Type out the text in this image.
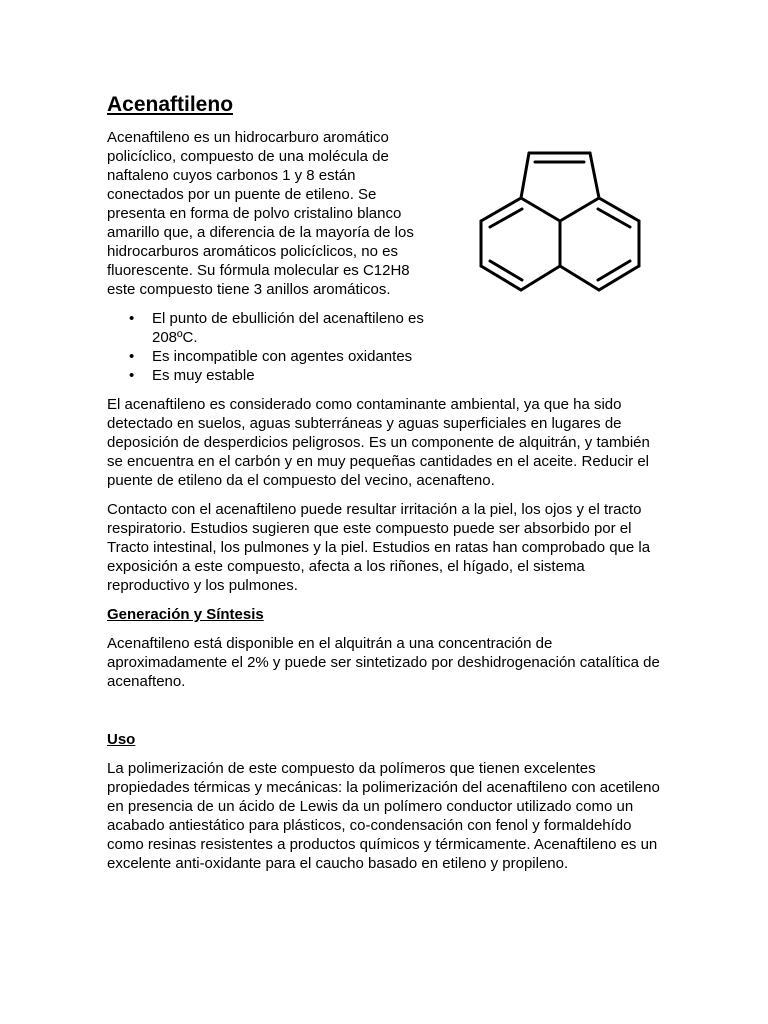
Acenaftileno

Acenaftileno es un hidrocarburo aromático policíclico, compuesto de una molécula de naftaleno cuyos carbonos 1 y 8 están conectados por un puente de etileno. Se presenta en forma de polvo cristalino blanco amarillo que, a diferencia de la mayoría de los hidrocarburos aromáticos policíclicos, no es fluorescente. Su fórmula molecular es C12H8 este compuesto tiene 3 anillos aromáticos.

• El punto de ebullición del acenaftileno es 208ºC.
• Es incompatible con agentes oxidantes
• Es muy estable

El acenaftileno es considerado como contaminante ambiental, ya que ha sido detectado en suelos, aguas subterráneas y aguas superficiales en lugares de deposición de desperdicios peligrosos. Es un componente de alquitrán, y también se encuentra en el carbón y en muy pequeñas cantidades en el aceite. Reducir el puente de etileno da el compuesto del vecino, acenafteno.

Contacto con el acenaftileno puede resultar irritación a la piel, los ojos y el tracto respiratorio. Estudios sugieren que este compuesto puede ser absorbido por el Tracto intestinal, los pulmones y la piel. Estudios en ratas han comprobado que la exposición a este compuesto, afecta a los riñones, el hígado, el sistema reproductivo y los pulmones.

Generación y Síntesis

Acenaftileno está disponible en el alquitrán a una concentración de aproximadamente el 2% y puede ser sintetizado por deshidrogenación catalítica de acenafteno.

Uso

La polimerización de este compuesto da polímeros que tienen excelentes propiedades térmicas y mecánicas: la polimerización del acenaftileno con acetileno en presencia de un ácido de Lewis da un polímero conductor utilizado como un acabado antiestático para plásticos, co-condensación con fenol y formaldehído como resinas resistentes a productos químicos y térmicamente. Acenaftileno es un excelente anti-oxidante para el caucho basado en etileno y propileno.
